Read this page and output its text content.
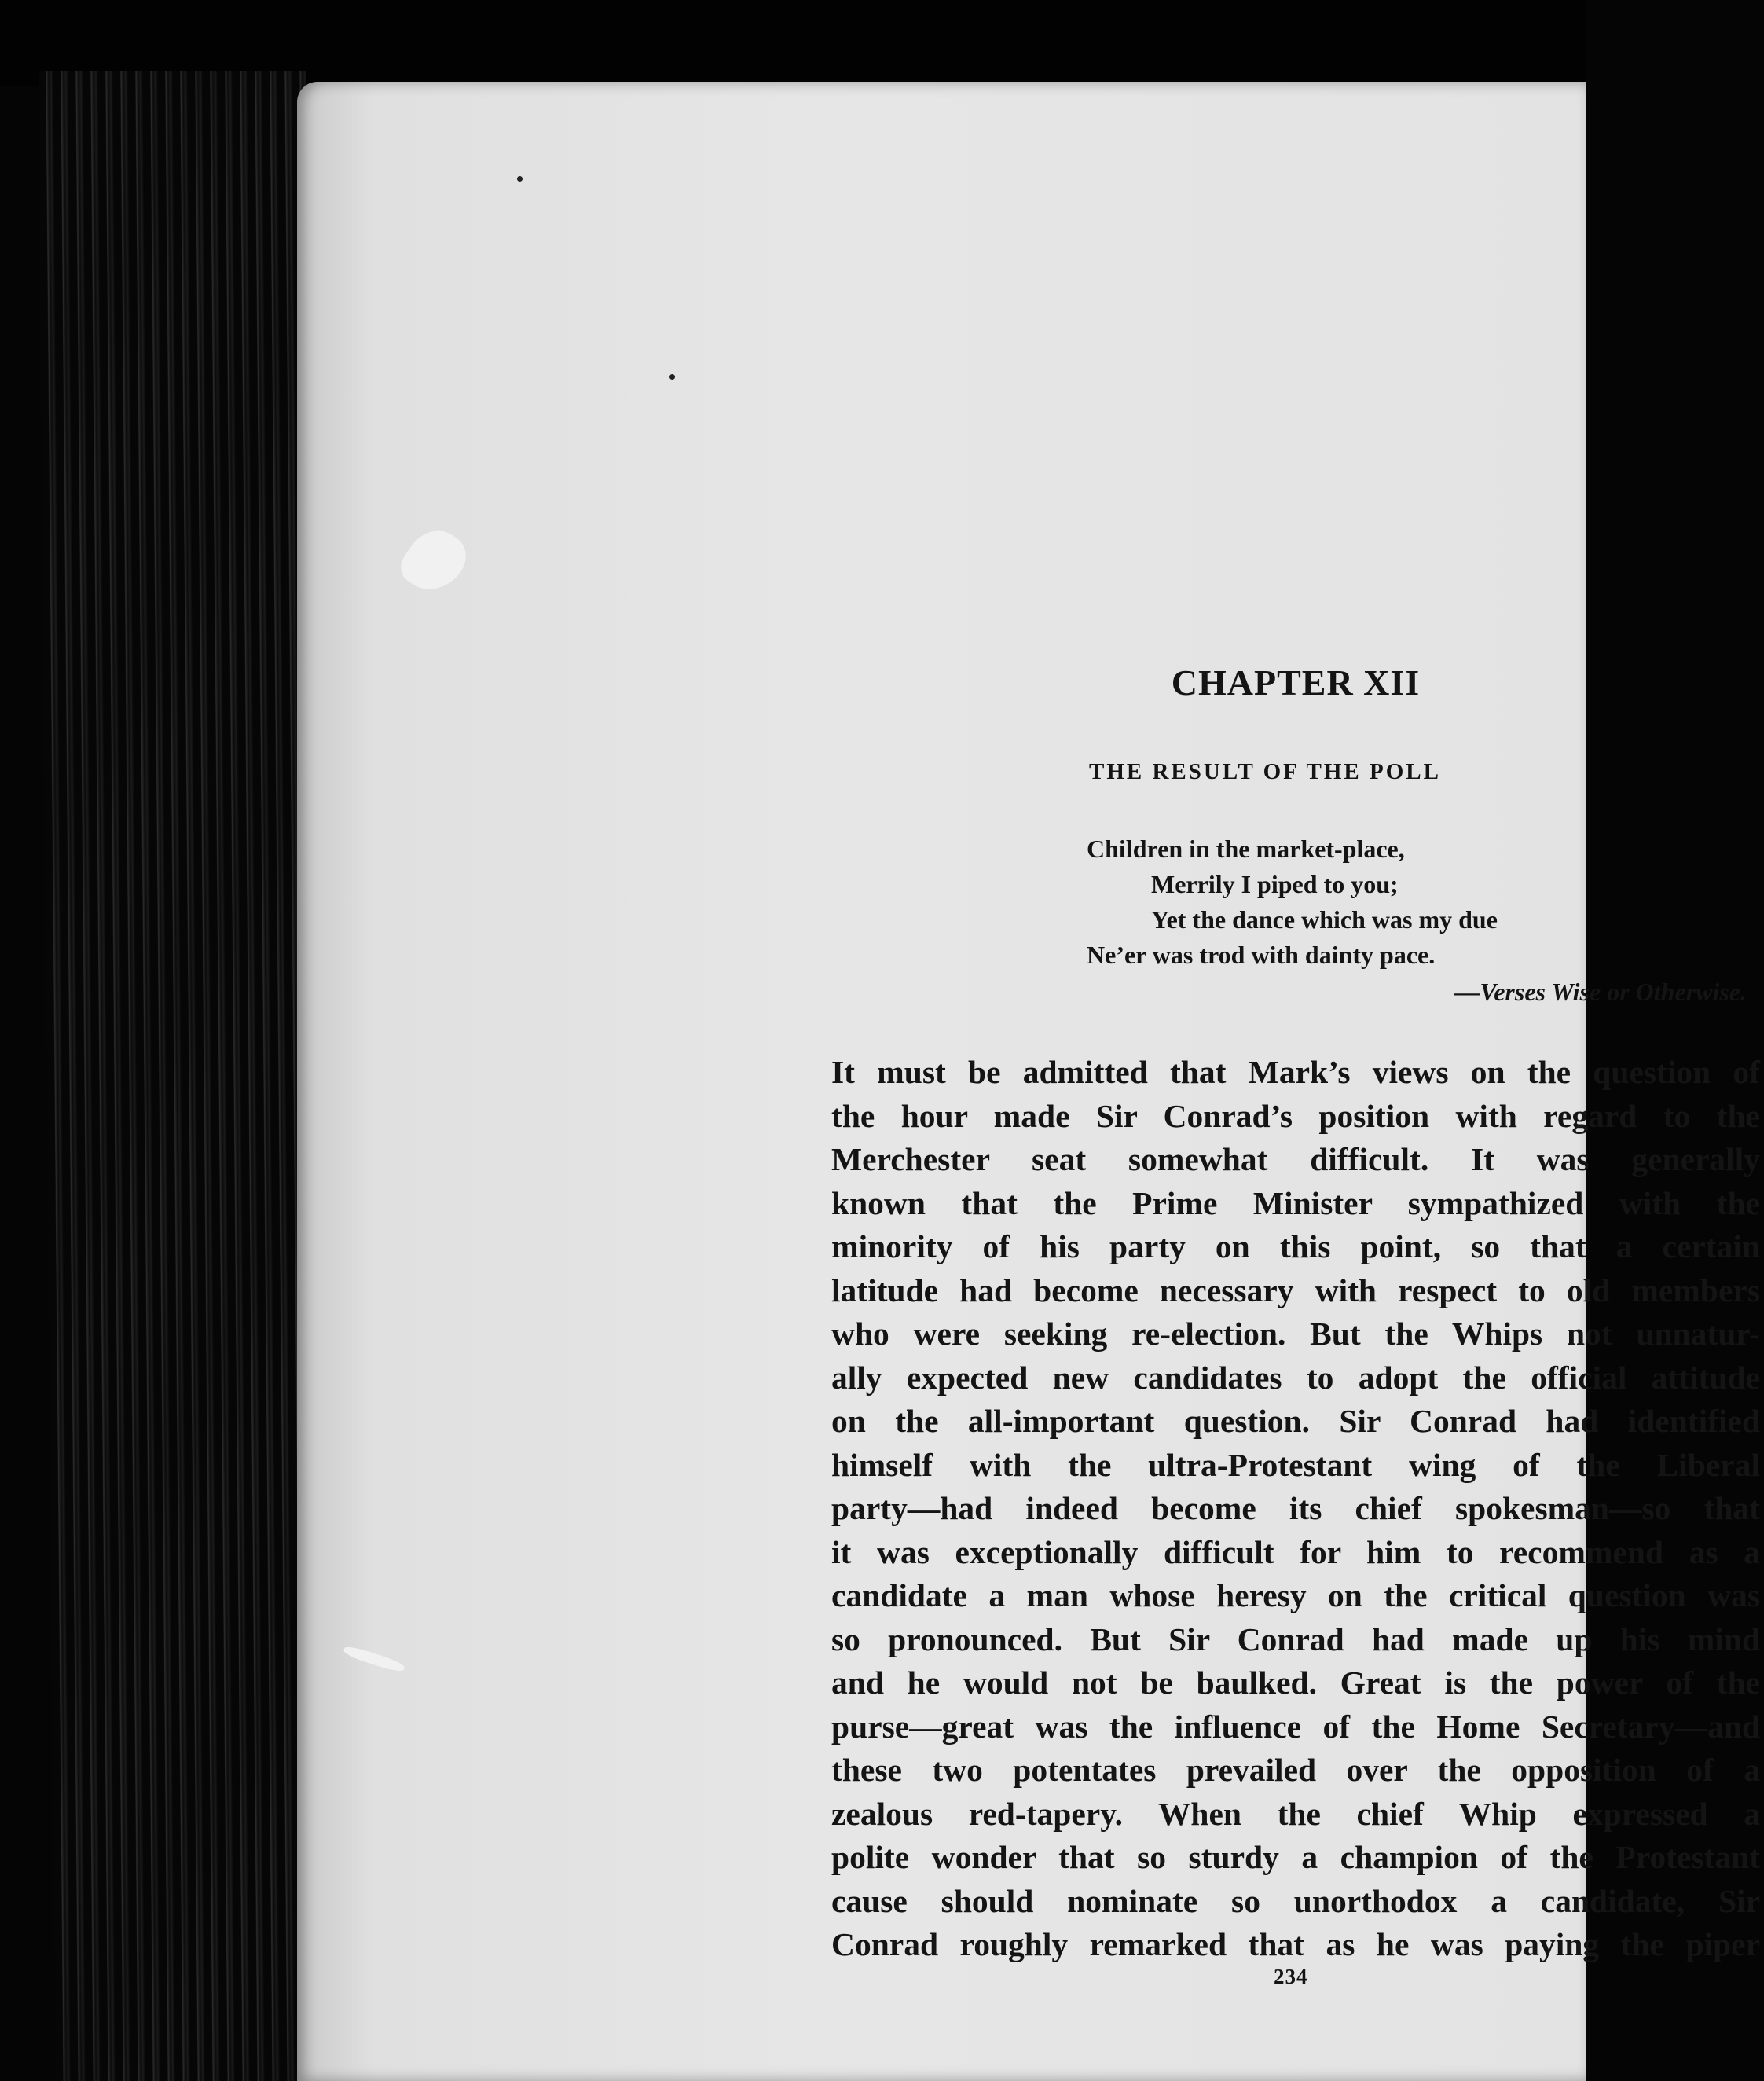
CHAPTER XII
THE RESULT OF THE POLL
Children in the market-place,
Merrily I piped to you;
Yet the dance which was my due
Ne’er was trod with dainty pace.
—Verses Wise or Otherwise.
It must be admitted that Mark’s views on the question of
the hour made Sir Conrad’s position with regard to the
Merchester seat somewhat difficult. It was generally
known that the Prime Minister sympathized with the
minority of his party on this point, so that a certain
latitude had become necessary with respect to old members
who were seeking re-election. But the Whips not unnatur-
ally expected new candidates to adopt the official attitude
on the all-important question. Sir Conrad had identified
himself with the ultra-Protestant wing of the Liberal
party—had indeed become its chief spokesman—so that
it was exceptionally difficult for him to recommend as a
candidate a man whose heresy on the critical question was
so pronounced. But Sir Conrad had made up his mind
and he would not be baulked. Great is the power of the
purse—great was the influence of the Home Secretary—and
these two potentates prevailed over the opposition of a
zealous red-tapery. When the chief Whip expressed a
polite wonder that so sturdy a champion of the Protestant
cause should nominate so unorthodox a candidate, Sir
Conrad roughly remarked that as he was paying the piper

234
